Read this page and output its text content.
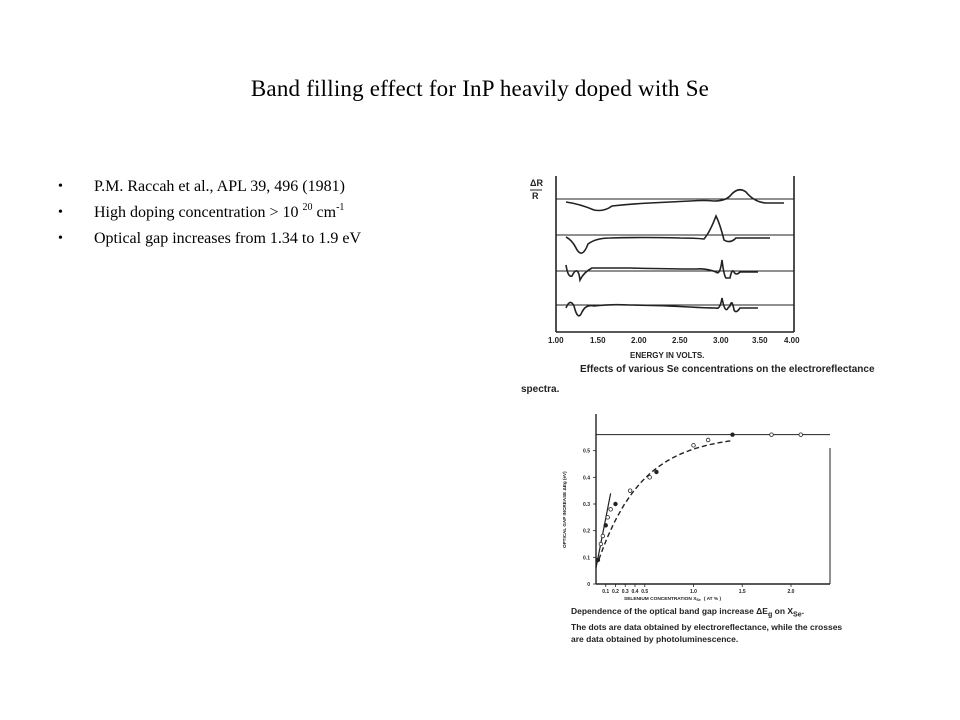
Band filling effect for InP heavily doped with Se
• P.M. Raccah et al., APL 39, 496 (1981)
• High doping concentration > 10 $^{20}$ $cm^{-1}$
• Optical gap increases from 1.34 to 1.9 eV
ΔR
R
1.00	1.50	2.00	2.50	3.00	3.50 4.00
ENERGY IN VOLTS.
Effects of various Se concentrations on the electroreflectance
spectra.
0
0.1
0.2
0.3
0.4
0.5
0.1 0.2 0.3 0.4 0.5	1.0	1.5	2.0
OPTICAL GAP INCREASE ΔEg (eV)
SELENIUM CONCENTRATION $X_{Se}$ ( AT % )
Dependence of the optical band gap increase $\Delta E_g$ on $X_{Se}$.
The dots are data obtained by electroreflectance, while the crosses
are data obtained by photoluminescence.
